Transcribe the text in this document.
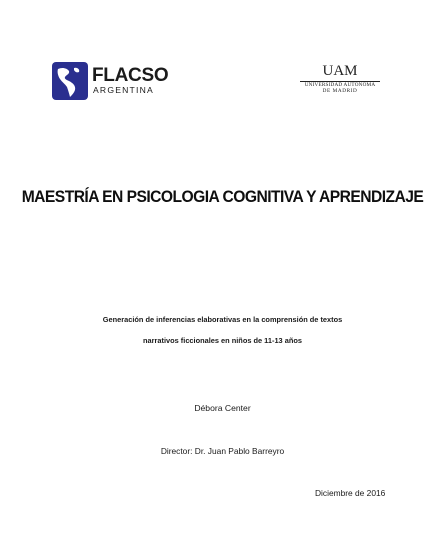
FLACSO
ARGENTINA
UAM
UNIVERSIDAD AUTONOMA
DE MADRID
MAESTRÍA EN PSICOLOGIA COGNITIVA Y APRENDIZAJE
Generación de inferencias elaborativas en la comprensión de textos
narrativos ficcionales en niños de 11-13 años
Débora Center
Director: Dr. Juan Pablo Barreyro
Diciembre de 2016
